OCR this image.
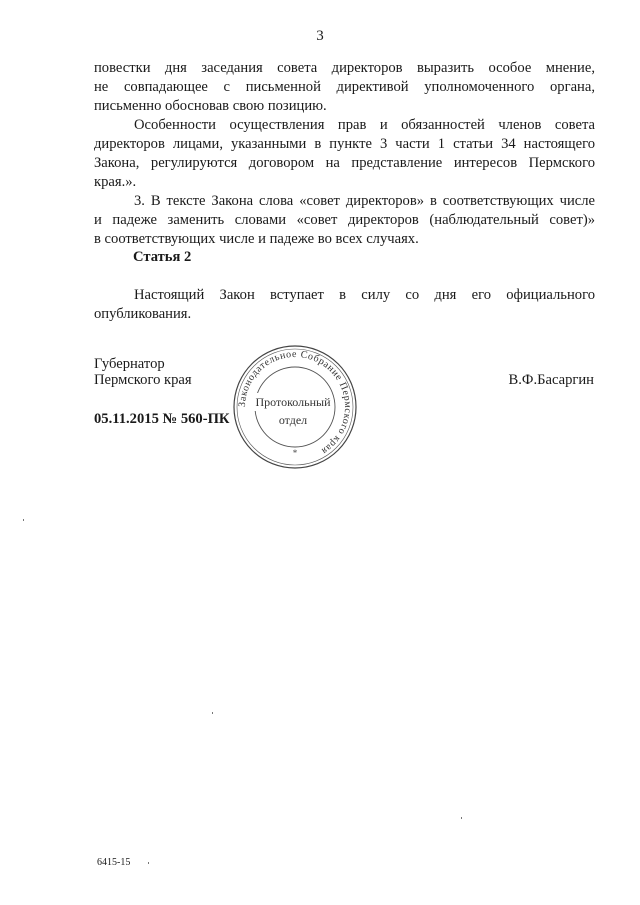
3

повестки дня заседания совета директоров выразить особое мнение,

не совпадающее с письменной директивой уполномоченного органа,

письменно обосновав свою позицию.

Особенности осуществления прав и обязанностей членов совета

директоров лицами, указанными в пункте 3 части 1 статьи 34 настоящего

Закона, регулируются договором на представление интересов Пермского

края.».

3. В тексте Закона слова «совет директоров» в соответствующих числе

и падеже заменить словами «совет директоров (наблюдательный совет)»

в соответствующих числе и падеже во всех случаях.

Статья 2

Настоящий Закон вступает в силу со дня его официального

опубликования.

Губернатор
Пермского края	В.Ф.Басаргин
05.11.2015 № 560-ПК
Законодательное Собрание Пермского края
Протокольный
отдел
*
6415-15
